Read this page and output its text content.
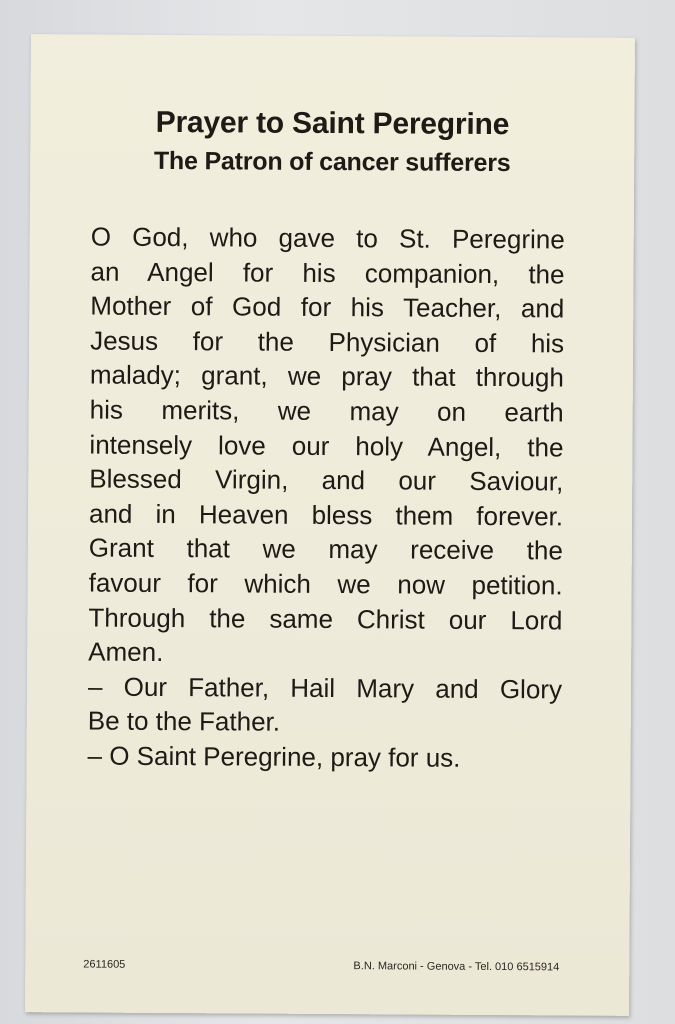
Prayer to Saint Peregrine
The Patron of cancer sufferers
O God, who gave to St. Peregrine
an Angel for his companion, the
Mother of God for his Teacher, and
Jesus for the Physician of his
malady; grant, we pray that through
his merits, we may on earth
intensely love our holy Angel, the
Blessed Virgin, and our Saviour,
and in Heaven bless them forever.
Grant that we may receive the
favour for which we now petition.
Through the same Christ our Lord
Amen.
– Our Father, Hail Mary and Glory
Be to the Father.
– O Saint Peregrine, pray for us.
2611605	B.N. Marconi - Genova - Tel. 010 6515914
